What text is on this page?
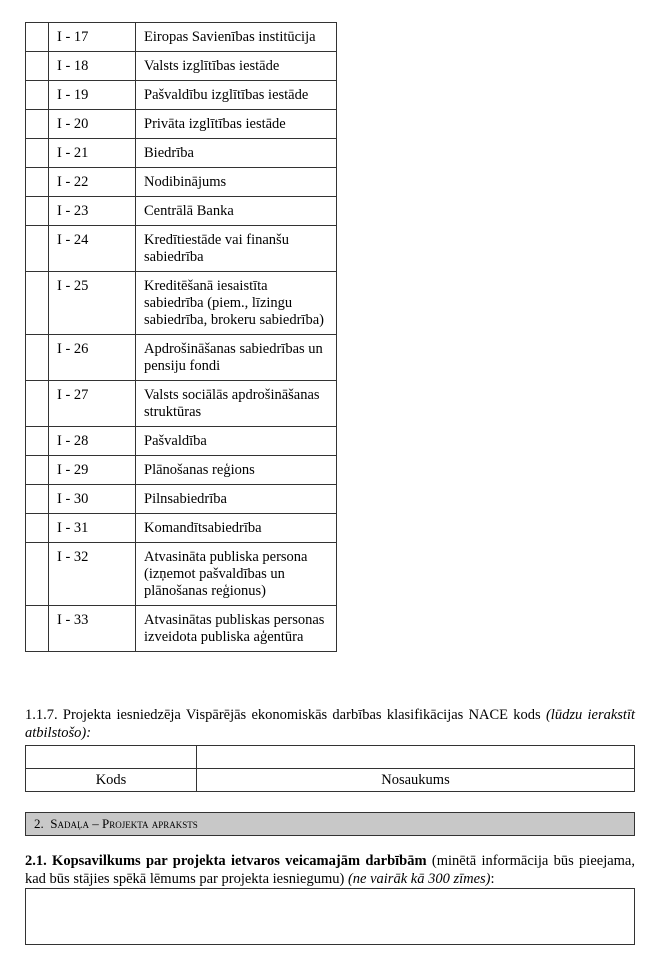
	I - 17	Eiropas Savienības institūcija
	I - 18	Valsts izglītības iestāde
	I - 19	Pašvaldību izglītības iestāde
	I - 20	Privāta izglītības iestāde
	I - 21	Biedrība
	I - 22	Nodibinājums
	I - 23	Centrālā Banka
	I - 24	Kredītiestāde vai finanšu sabiedrība
	I - 25	Kreditēšanā iesaistīta sabiedrība (piem., līzingu sabiedrība, brokeru sabiedrība)
	I - 26	Apdrošināšanas sabiedrības un pensiju fondi
	I - 27	Valsts sociālās apdrošināšanas struktūras
	I - 28	Pašvaldība
	I - 29	Plānošanas reģions
	I - 30	Pilnsabiedrība
	I - 31	Komandītsabiedrība
	I - 32	Atvasināta publiska persona (izņemot pašvaldības un plānošanas reģionus)
	I - 33	Atvasinātas publiskas personas izveidota publiska aģentūra
1.1.7. Projekta iesniedzēja Vispārējās ekonomiskās darbības klasifikācijas NACE kods (lūdzu ierakstīt atbilstošo):

Kods	Nosaukums
2. Sadaļa – Projekta apraksts
2.1. Kopsavilkums par projekta ietvaros veicamajām darbībām (minētā informācija būs pieejama, kad būs stājies spēkā lēmums par projekta iesniegumu) (ne vairāk kā 300 zīmes):
